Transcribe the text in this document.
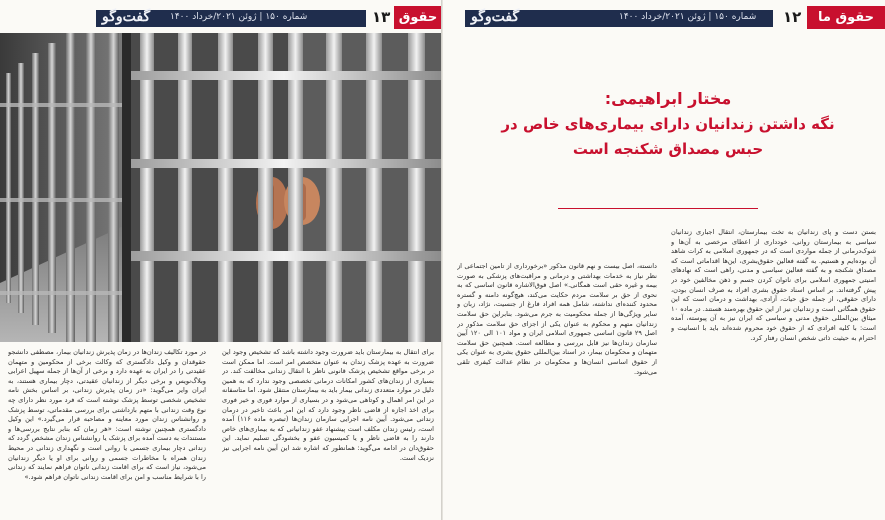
گفت‌وگو شماره ۱۵۰ | ژوئن ۲۰۲۱/خرداد ۱۴۰۰	۱۳ حقوق

در مورد تکالیف زندان‌ها در زمان پذیرش زندانیان بیمار، مصطفی دانشجو حقوقدان و وکیل دادگستری که وکالت برخی از محکومین و متهمان عقیدتی را در ایران به عهده دارد و برخی از آن‌ها از جمله سهیل اعرابی وبلاگ‌نویس و برخی دیگر از زندانیان عقیدتی، دچار بیماری هستند، به ایران وایر می‌گوید: «در زمان پذیرش زندانی، بر اساس بخش نامه تشخیص شخصی توسط پزشک نوشته است که فرد مورد نظر دارای چه نوع وقت زندانی با متهم بازداشتی برای بررسی مقدماتی، توسط پزشک و روانشناس زندان مورد معاینه و مصاحبه قرار می‌گیرد.» این وکیل دادگستری همچنین نوشته است: «هر زمان که بنابر نتایج بررسی‌ها و مستندات به دست آمده برای پزشک یا روانشناس زندان مشخص گردد که زندانی دچار بیماری جسمی یا روانی است و نگهداری زندانی در محیط زندان همراه با مخاطرات جسمی و روانی برای او یا دیگر زندانیان می‌شود، نیاز است که برای اقامت زندانی ناتوان فراهم نمایند که زندانی را با شرایط مناسب و امن برای اقامت زندانی ناتوان فراهم شود.»

برای انتقال به بیمارستان باید ضرورت وجود داشته باشد که تشخیص وجود این ضرورت به عهده پزشک زندان به عنوان متخصص امر است. اما ممکن است در برخی مواقع تشخیص پزشک قانونی ناظر با انتقال زندانی مخالفت کند. در بسیاری از زندان‌های کشور امکانات درمانی تخصصی وجود ندارد که به همین دلیل در موارد متعددی زندانی بیمار باید به بیمارستان منتقل شود. اما متاسفانه در این امر اهمال و کوتاهی می‌شود و در بسیاری از موارد فوری و خیر فوری برای اخذ اجازه از قاضی ناظر وجود دارد که این امر باعث تاخیر در درمان زندانی می‌شود. آیین نامه اجرایی سازمان زندان‌ها (تبصره ماده ۱۱۶) آمده است، رئیس زندان مکلف است پیشنهاد عفو زندانیانی که به بیماری‌های خاص دارند را به قاضی ناظر و یا کمیسیون عفو و بخشودگی تسلیم نماید. این حقوق‌دان در ادامه می‌گوید: همانطور که اشاره شد این آیین نامه اجرایی نیز نزدیک است.

گفت‌وگو	شماره ۱۵۰ | ژوئن ۲۰۲۱/خرداد ۱۴۰۰ ۱۲	حقوق ما
مختار ابراهیمی:
نگه داشتن زندانیان دارای بیماری‌های خاص در
حبس مصداق شکنجه است

بستن دست و پای زندانیان به تخت بیمارستان، انتقال اجباری زندانیان سیاسی به بیمارستان روانی، خودداری از اعطای مرخصی به آن‌ها و شوک‌درمانی از جمله مواردی است که در جمهوری اسلامی به کرات شاهد آن بوده‌ایم و هستیم. به گفته فعالین حقوق‌بشری، این‌ها اقداماتی است که مصداق شکنجه و به گفته فعالین سیاسی و مدنی، راهی است که نهادهای امنیتی جمهوری اسلامی برای ناتوان کردن جسم و ذهن مخالفین خود در پیش گرفته‌اند. بر اساس اسناد حقوق بشری افراد به صرف انسان بودن، دارای حقوقی، از جمله حق حیات، آزادی، بهداشت و درمان است که این حقوق همگانی است و زندانیان نیز از این حقوق بهره‌مند هستند. در ماده ۱۰ میثاق بین‌المللی حقوق مدنی و سیاسی که ایران نیز به آن پیوسته، آمده است: با کلیه افرادی که از حقوق خود محروم شده‌اند باید با انسانیت و احترام به حیثیت ذاتی شخص انسان رفتار کرد.

دانسته، اصل بیست و نهم قانون مذکور «برخورداری از تامین اجتماعی از نظر نیاز به خدمات بهداشتی و درمانی و مراقبت‌های پزشکی به صورت بیمه و غیره حقی است همگانی.» اصل فوق‌الاشاره قانون اساسی که به نحوی از حق بر سلامت مردم حکایت می‌کند، هیچ‌گونه دامنه و گستره محدود کننده‌ای نداشته، شامل همه افراد فارغ از جنسیت، نژاد، زبان و سایر ویژگی‌ها از جمله محکومیت به جرم می‌شود. بنابراین حق سلامت زندانیان متهم و محکوم به عنوان یکی از اجزای حق سلامت مذکور در اصل ۲۹ قانون اساسی جمهوری اسلامی ایران و مواد ۱۰۱ الی ۱۲۰ آیین سازمان زندان‌ها نیز قابل بررسی و مطالعه است. همچنین حق سلامت متهمان و محکومان بیمار، در اسناد بین‌المللی حقوق بشری به عنوان یکی از حقوق اساسی انسان‌ها و محکومان در نظام عدالت کیفری تلقی می‌شود.
